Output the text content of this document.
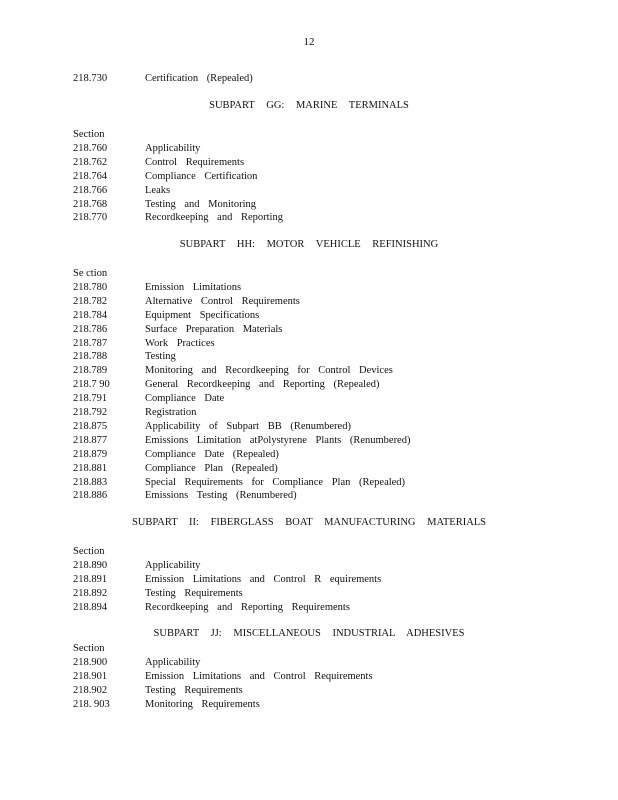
12
218.730	Certification (Repealed)
SUBPART GG: MARINE TERMINALS
Section
218.760	Applicability
218.762	Control Requirements
218.764	Compliance Certification
218.766	Leaks
218.768	Testing and Monitoring
218.770	Recordkeeping and Reporting
SUBPART HH: MOTOR VEHICLE REFINISHING
Se ction
218.780	Emission Limitations
218.782	Alternative Control Requirements
218.784	Equipment Specifications
218.786	Surface Preparation Materials
218.787	Work Practices
218.788	Testing
218.789	Monitoring and Recordkeeping for Control Devices
218.7 90	General Recordkeeping and Reporting (Repealed)
218.791	Compliance Date
218.792	Registration
218.875	Applicability of Subpart BB (Renumbered)
218.877	Emissions Limitation atPolystyrene Plants (Renumbered)
218.879	Compliance Date (Repealed)
218.881	Compliance Plan (Repealed)
218.883	Special Requirements for Compliance Plan (Repealed)
218.886	Emissions Testing (Renumbered)
SUBPART II: FIBERGLASS BOAT MANUFACTURING MATERIALS
Section
218.890	Applicability
218.891	Emission Limitations and Control R equirements
218.892	Testing Requirements
218.894	Recordkeeping and Reporting Requirements
SUBPART JJ: MISCELLANEOUS INDUSTRIAL ADHESIVES
Section
218.900	Applicability
218.901	Emission Limitations and Control Requirements
218.902	Testing Requirements
218. 903	Monitoring Requirements
